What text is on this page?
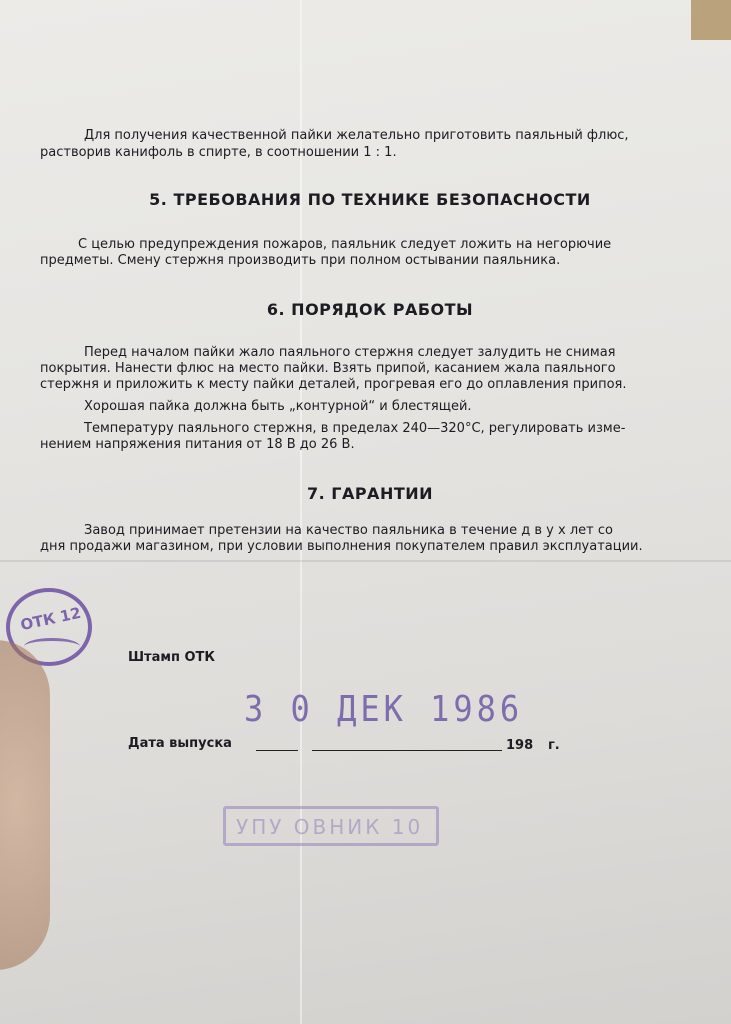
Для получения качественной пайки желательно приготовить паяльный флюс,
растворив канифоль в спирте, в соотношении 1 : 1.
5. ТРЕБОВАНИЯ ПО ТЕХНИКЕ БЕЗОПАСНОСТИ
С целью предупреждения пожаров, паяльник следует ложить на негорючие
предметы. Смену стержня производить при полном остывании паяльника.
6. ПОРЯДОК РАБОТЫ
Перед началом пайки жало паяльного стержня следует залудить не снимая
покрытия. Нанести флюс на место пайки. Взять припой, касанием жала паяльного
стержня и приложить к месту пайки деталей, прогревая его до оплавления припоя.
Хорошая пайка должна быть „контурной“ и блестящей.
Температуру паяльного стержня, в пределах 240—320°С, регулировать изме-
нением напряжения питания от 18 В до 26 В.
7. ГАРАНТИИ
Завод принимает претензии на качество паяльника в течение д в у х лет со
дня продажи магазином, при условии выполнения покупателем правил эксплуатации.
ОТК 12
Штамп ОТК
3 0 ДЕК 1986
Дата выпуска	198 г.
УПУ ОВНИК 10
